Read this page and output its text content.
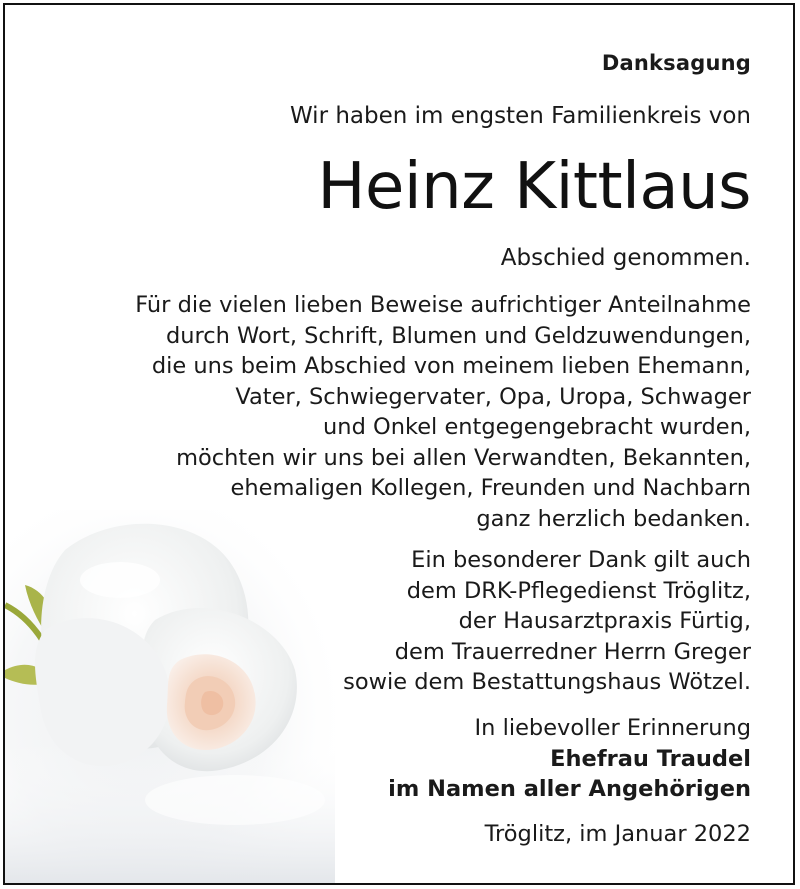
Danksagung
Wir haben im engsten Familienkreis von
Heinz Kittlaus
Abschied genommen.
Für die vielen lieben Beweise aufrichtiger Anteilnahme
durch Wort, Schrift, Blumen und Geldzuwendungen,
die uns beim Abschied von meinem lieben Ehemann,
Vater, Schwiegervater, Opa, Uropa, Schwager
und Onkel entgegengebracht wurden,
möchten wir uns bei allen Verwandten, Bekannten,
ehemaligen Kollegen, Freunden und Nachbarn
ganz herzlich bedanken.
Ein besonderer Dank gilt auch
dem DRK-Pflegedienst Tröglitz,
der Hausarztpraxis Fürtig,
dem Trauerredner Herrn Greger
sowie dem Bestattungshaus Wötzel.
In liebevoller Erinnerung
Ehefrau Traudel
im Namen aller Angehörigen
Tröglitz, im Januar 2022
